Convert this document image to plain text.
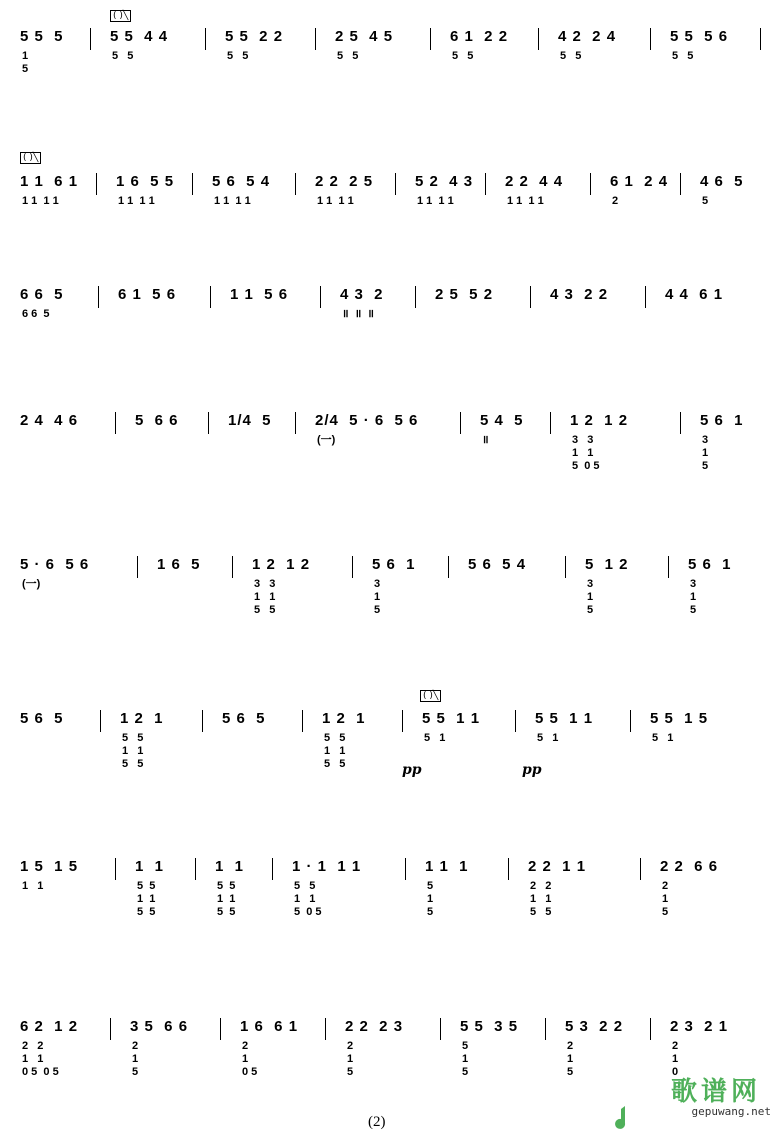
5 5  5
1
5
5 5  4 4
5   5
5 5  2 2
5   5
2 5  4 5
5   5
6 1  2 2
5   5
4 2  2 4
5   5
5 5  5 6
5   5
1 1  6 1
1 1  1 1
1 6  5 5
1 1  1 1
5 6  5 4
1 1  1 1
2 2  2 5
1 1  1 1
5 2  4 3
1 1  1 1
2 2  4 4
1 1  1 1
6 1  2 4
2
4 6  5
5
6 6  5
6 6  5
6 1  5 6	1 1  5 6	4 3  2
॥  ॥  ॥
2 5  5 2	4 3  2 2	4 4  6 1
2 4  4 6	5  6 6	1/4  5	2/4  5 · 6  5 6
(一)
5 4  5
॥
1 2  1 2
3   3
1   1
5  0 5
5 6  1
3
1
5
5 · 6  5 6
(一)
1 6  5	1 2  1 2
3   3
1   1
5   5
5 6  1
3
1
5
5 6  5 4	5  1 2
3
1
5
5 6  1
3
1
5
5 6  5	1 2  1
5   5
1   1
5   5
5 6  5	1 2  1
5   5
1   1
5   5
5 5  1 1
5   1
5 5  1 1
5   1
5 5  1 5
5   1
1 5  1 5
1   1
1  1
5  5
1  1
5  5
1  1
5  5
1  1
5  5
1 · 1  1 1
5   5
1   1
5  0 5
1 1  1
5
1
5
2 2  1 1
2   2
1   1
5   5
2 2  6 6
2
1
5
6 2  1 2
2   2
1   1
0 5  0 5
3 5  6 6
2
1
5
1 6  6 1
2
1
0 5
2 2  2 3
2
1
5
5 5  3 5
5
1
5
5 3  2 2
2
1
5
2 3  2 1
2
1
0
(2)
歌谱网
gepuwang.net
pp	pp
( )╲
( )╲
( )╲
